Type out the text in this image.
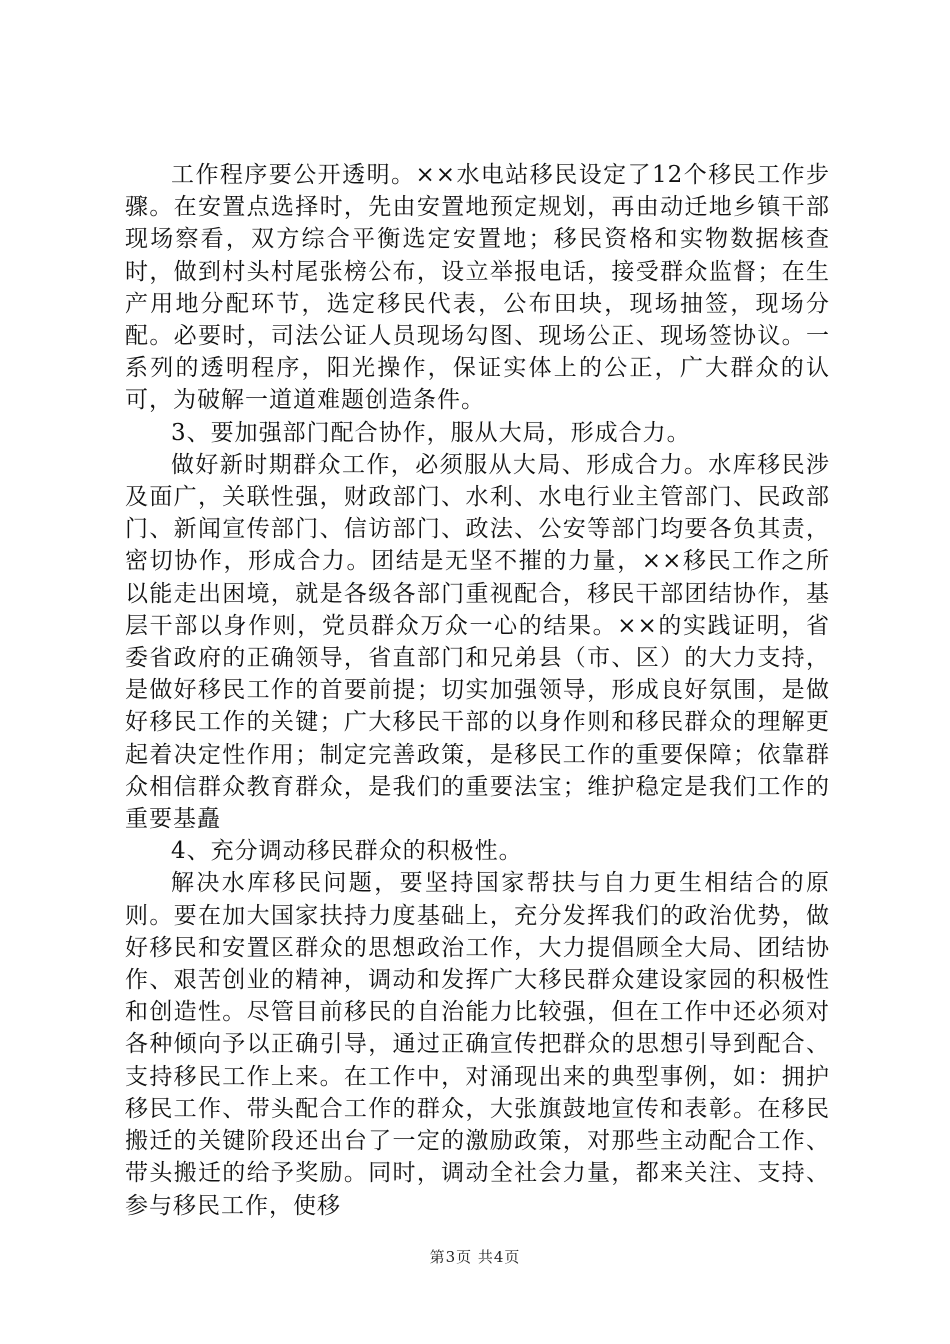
工作程序要公开透明。××水电站移民设定了12个移民工作步骤。在安置点选择时，先由安置地预定规划，再由动迁地乡镇干部现场察看，双方综合平衡选定安置地；移民资格和实物数据核查时，做到村头村尾张榜公布，设立举报电话，接受群众监督；在生产用地分配环节，选定移民代表，公布田块，现场抽签，现场分配。必要时，司法公证人员现场勾图、现场公正、现场签协议。一系列的透明程序，阳光操作，保证实体上的公正，广大群众的认可，为破解一道道难题创造条件。

3、要加强部门配合协作，服从大局，形成合力。

做好新时期群众工作，必须服从大局、形成合力。水库移民涉及面广，关联性强，财政部门、水利、水电行业主管部门、民政部门、新闻宣传部门、信访部门、政法、公安等部门均要各负其责，密切协作，形成合力。团结是无坚不摧的力量，××移民工作之所以能走出困境，就是各级各部门重视配合，移民干部团结协作，基层干部以身作则，党员群众万众一心的结果。××的实践证明，省委省政府的正确领导，省直部门和兄弟县（市、区）的大力支持，是做好移民工作的首要前提；切实加强领导，形成良好氛围，是做好移民工作的关键；广大移民干部的以身作则和移民群众的理解更起着决定性作用；制定完善政策，是移民工作的重要保障；依靠群众相信群众教育群众，是我们的重要法宝；维护稳定是我们工作的重要基矗

4、充分调动移民群众的积极性。

解决水库移民问题，要坚持国家帮扶与自力更生相结合的原则。要在加大国家扶持力度基础上，充分发挥我们的政治优势，做好移民和安置区群众的思想政治工作，大力提倡顾全大局、团结协作、艰苦创业的精神，调动和发挥广大移民群众建设家园的积极性和创造性。尽管目前移民的自治能力比较强，但在工作中还必须对各种倾向予以正确引导，通过正确宣传把群众的思想引导到配合、支持移民工作上来。在工作中，对涌现出来的典型事例，如：拥护移民工作、带头配合工作的群众，大张旗鼓地宣传和表彰。在移民搬迁的关键阶段还出台了一定的激励政策，对那些主动配合工作、带头搬迁的给予奖励。同时，调动全社会力量，都来关注、支持、参与移民工作，使移

第3页 共4页
